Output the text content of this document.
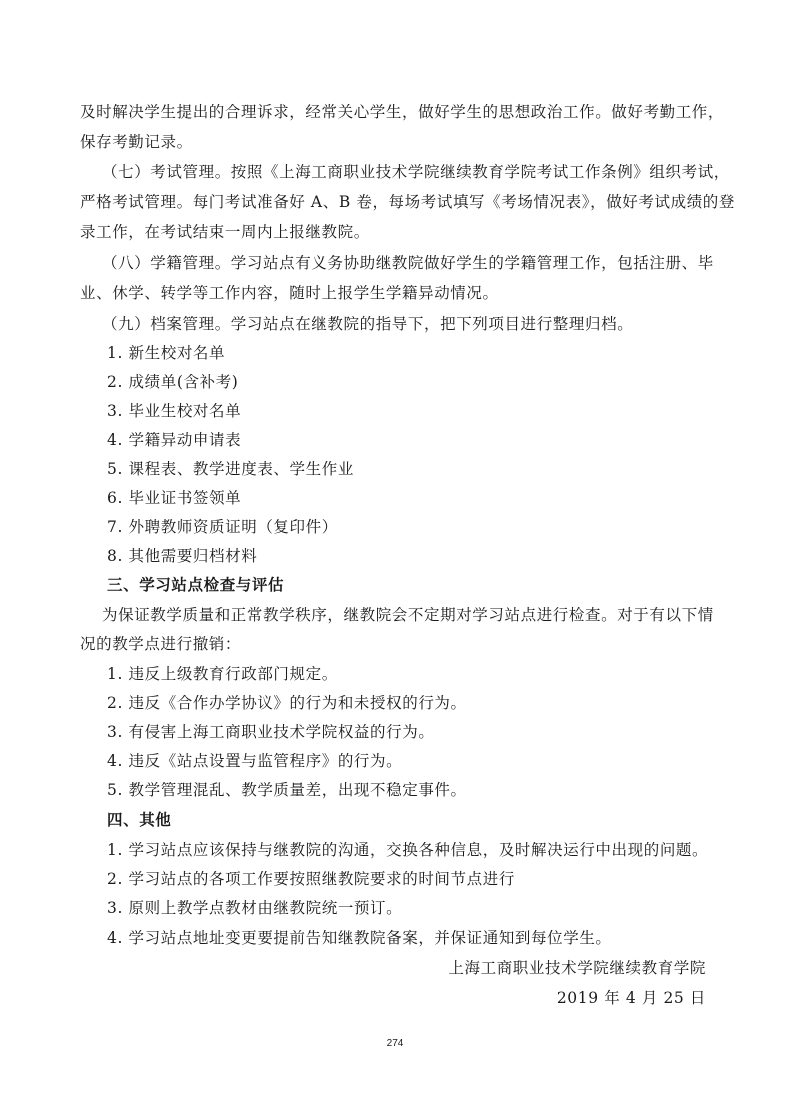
及时解决学生提出的合理诉求，经常关心学生，做好学生的思想政治工作。做好考勤工作，
保存考勤记录。
（七）考试管理。按照《上海工商职业技术学院继续教育学院考试工作条例》组织考试，
严格考试管理。每门考试准备好 A、B 卷，每场考试填写《考场情况表》，做好考试成绩的登
录工作，在考试结束一周内上报继教院。
（八）学籍管理。学习站点有义务协助继教院做好学生的学籍管理工作，包括注册、毕
业、休学、转学等工作内容，随时上报学生学籍异动情况。
（九）档案管理。学习站点在继教院的指导下，把下列项目进行整理归档。
1. 新生校对名单
2. 成绩单(含补考)
3. 毕业生校对名单
4. 学籍异动申请表
5. 课程表、教学进度表、学生作业
6. 毕业证书签领单
7. 外聘教师资质证明（复印件）
8. 其他需要归档材料
三、学习站点检查与评估
为保证教学质量和正常教学秩序，继教院会不定期对学习站点进行检查。对于有以下情
况的教学点进行撤销：
1. 违反上级教育行政部门规定。
2. 违反《合作办学协议》的行为和未授权的行为。
3. 有侵害上海工商职业技术学院权益的行为。
4. 违反《站点设置与监管程序》的行为。
5. 教学管理混乱、教学质量差，出现不稳定事件。
四、其他
1. 学习站点应该保持与继教院的沟通，交换各种信息，及时解决运行中出现的问题。
2. 学习站点的各项工作要按照继教院要求的时间节点进行
3. 原则上教学点教材由继教院统一预订。
4. 学习站点地址变更要提前告知继教院备案，并保证通知到每位学生。
上海工商职业技术学院继续教育学院
2019 年 4 月 25 日
274
